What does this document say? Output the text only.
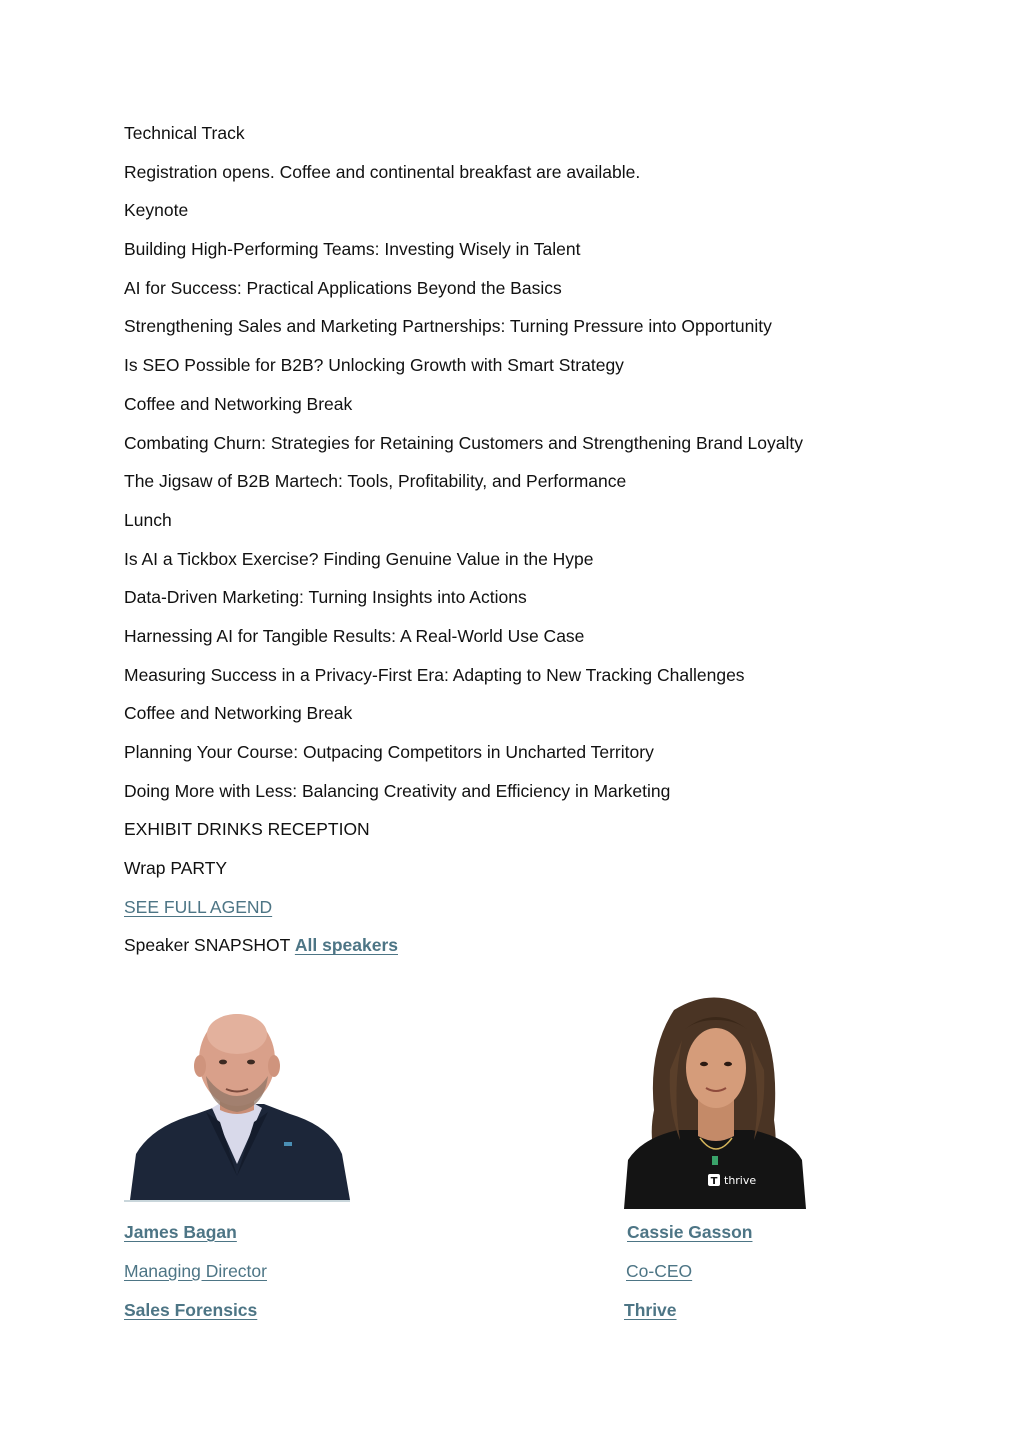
Technical Track

Registration opens. Coffee and continental breakfast are available.

Keynote

Building High-Performing Teams: Investing Wisely in Talent

AI for Success: Practical Applications Beyond the Basics

Strengthening Sales and Marketing Partnerships: Turning Pressure into Opportunity

Is SEO Possible for B2B? Unlocking Growth with Smart Strategy

Coffee and Networking Break

Combating Churn: Strategies for Retaining Customers and Strengthening Brand Loyalty

The Jigsaw of B2B Martech: Tools, Profitability, and Performance

Lunch

Is AI a Tickbox Exercise? Finding Genuine Value in the Hype

Data-Driven Marketing: Turning Insights into Actions

Harnessing AI for Tangible Results: A Real-World Use Case

Measuring Success in a Privacy-First Era: Adapting to New Tracking Challenges

Coffee and Networking Break

Planning Your Course: Outpacing Competitors in Uncharted Territory

Doing More with Less: Balancing Creativity and Efficiency in Marketing

EXHIBIT DRINKS RECEPTION

Wrap PARTY

SEE FULL AGEND

Speaker SNAPSHOT All speakers

James Bagan
Managing Director
Sales Forensics
T thrive
Cassie Gasson
Co-CEO
Thrive
